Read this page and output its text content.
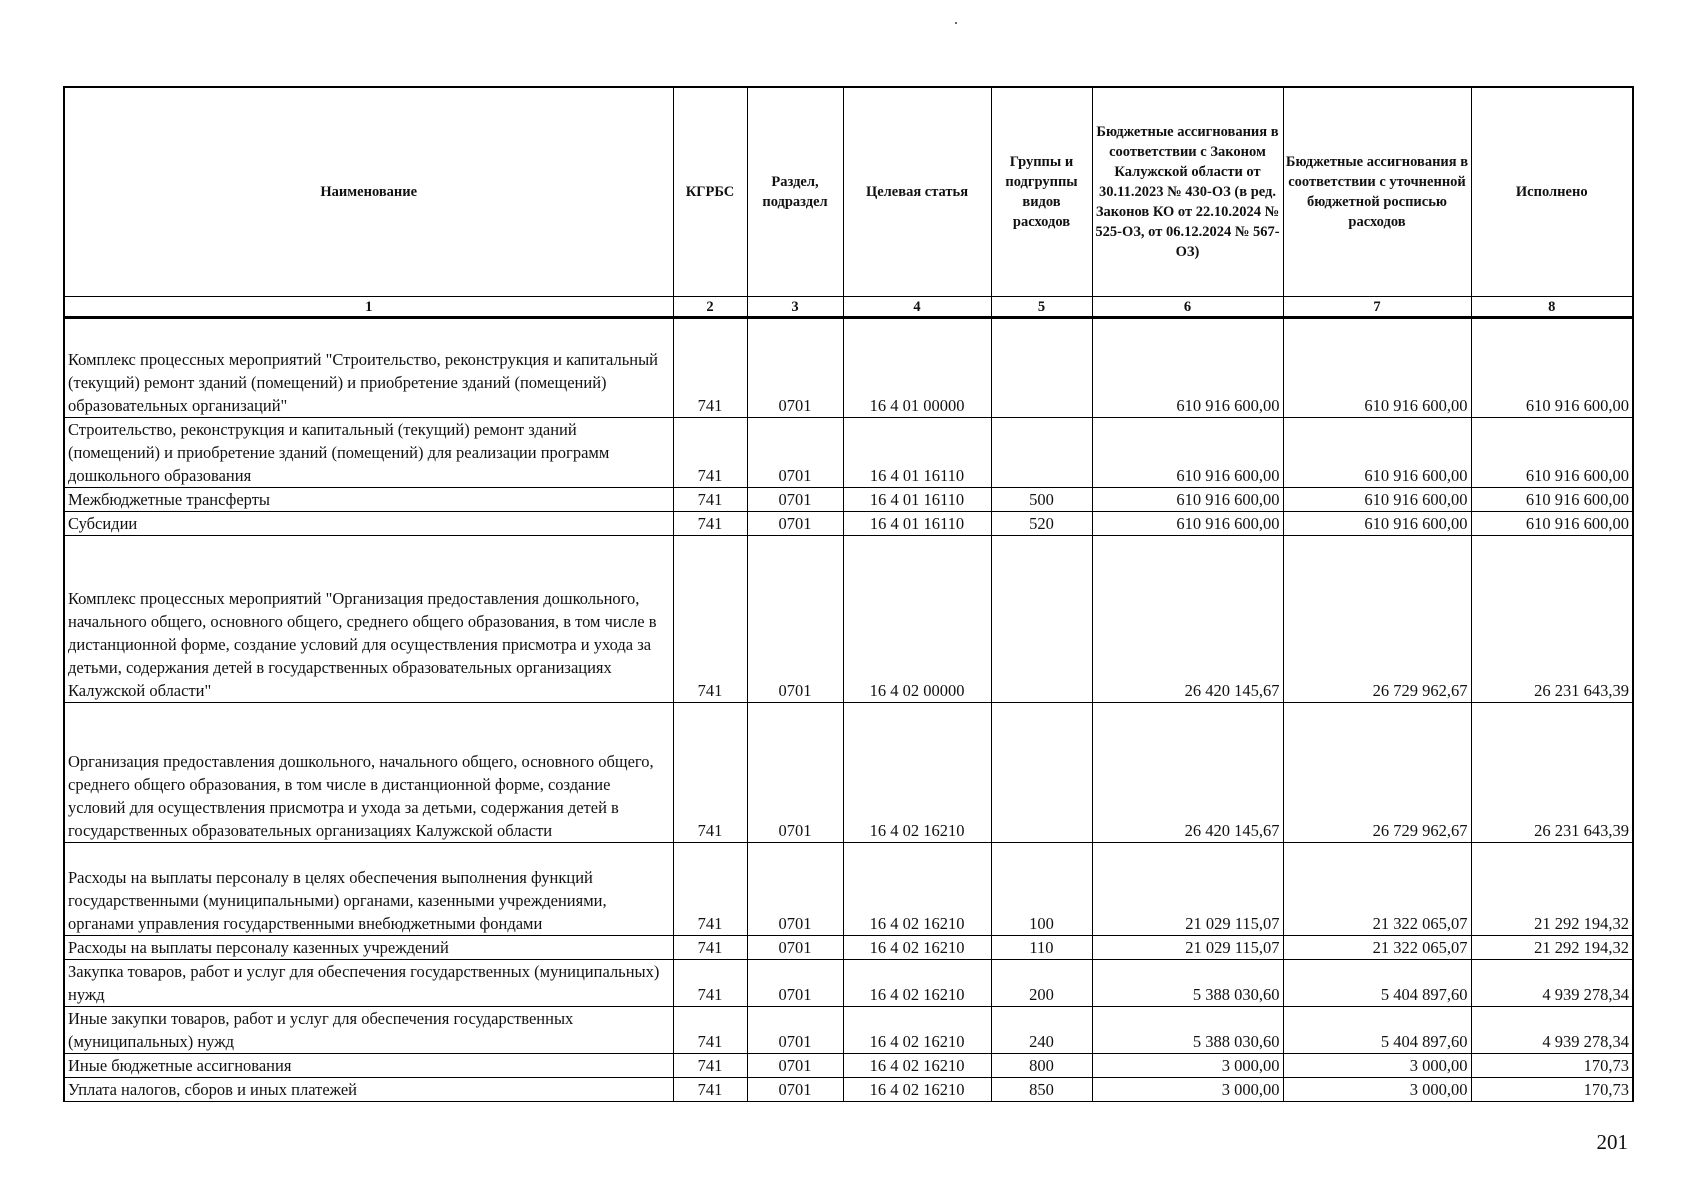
Наименование	КГРБС	Раздел, подраздел	Целевая статья	Группы и подгруппы видов расходов	Бюджетные ассигнования в соответствии с Законом Калужской области от 30.11.2023 № 430-ОЗ (в ред. Законов КО от 22.10.2024 № 525-ОЗ, от 06.12.2024 № 567-ОЗ)	Бюджетные ассигнования в соответствии с уточненной бюджетной росписью расходов	Исполнено
1	2	3	4	5	6	7	8
Комплекс процессных мероприятий "Строительство, реконструкция и капитальный (текущий) ремонт зданий (помещений) и приобретение зданий (помещений) образовательных организаций"	741	0701	16 4 01 00000		610 916 600,00	610 916 600,00	610 916 600,00
Строительство, реконструкция и капитальный (текущий) ремонт зданий (помещений) и приобретение зданий (помещений) для реализации программ дошкольного образования	741	0701	16 4 01 16110		610 916 600,00	610 916 600,00	610 916 600,00
Межбюджетные трансферты	741	0701	16 4 01 16110	500	610 916 600,00	610 916 600,00	610 916 600,00
Субсидии	741	0701	16 4 01 16110	520	610 916 600,00	610 916 600,00	610 916 600,00
Комплекс процессных мероприятий "Организация предоставления дошкольного, начального общего, основного общего, среднего общего образования, в том числе в дистанционной форме, создание условий для осуществления присмотра и ухода за детьми, содержания детей в государственных образовательных организациях Калужской области"	741	0701	16 4 02 00000		26 420 145,67	26 729 962,67	26 231 643,39
Организация предоставления дошкольного, начального общего, основного общего, среднего общего образования, в том числе в дистанционной форме, создание условий для осуществления присмотра и ухода за детьми, содержания детей в государственных образовательных организациях Калужской области	741	0701	16 4 02 16210		26 420 145,67	26 729 962,67	26 231 643,39
Расходы на выплаты персоналу в целях обеспечения выполнения функций государственными (муниципальными) органами, казенными учреждениями, органами управления государственными внебюджетными фондами	741	0701	16 4 02 16210	100	21 029 115,07	21 322 065,07	21 292 194,32
Расходы на выплаты персоналу казенных учреждений	741	0701	16 4 02 16210	110	21 029 115,07	21 322 065,07	21 292 194,32
Закупка товаров, работ и услуг для обеспечения государственных (муниципальных) нужд	741	0701	16 4 02 16210	200	5 388 030,60	5 404 897,60	4 939 278,34
Иные закупки товаров, работ и услуг для обеспечения государственных (муниципальных) нужд	741	0701	16 4 02 16210	240	5 388 030,60	5 404 897,60	4 939 278,34
Иные бюджетные ассигнования	741	0701	16 4 02 16210	800	3 000,00	3 000,00	170,73
Уплата налогов, сборов и иных платежей	741	0701	16 4 02 16210	850	3 000,00	3 000,00	170,73
201
